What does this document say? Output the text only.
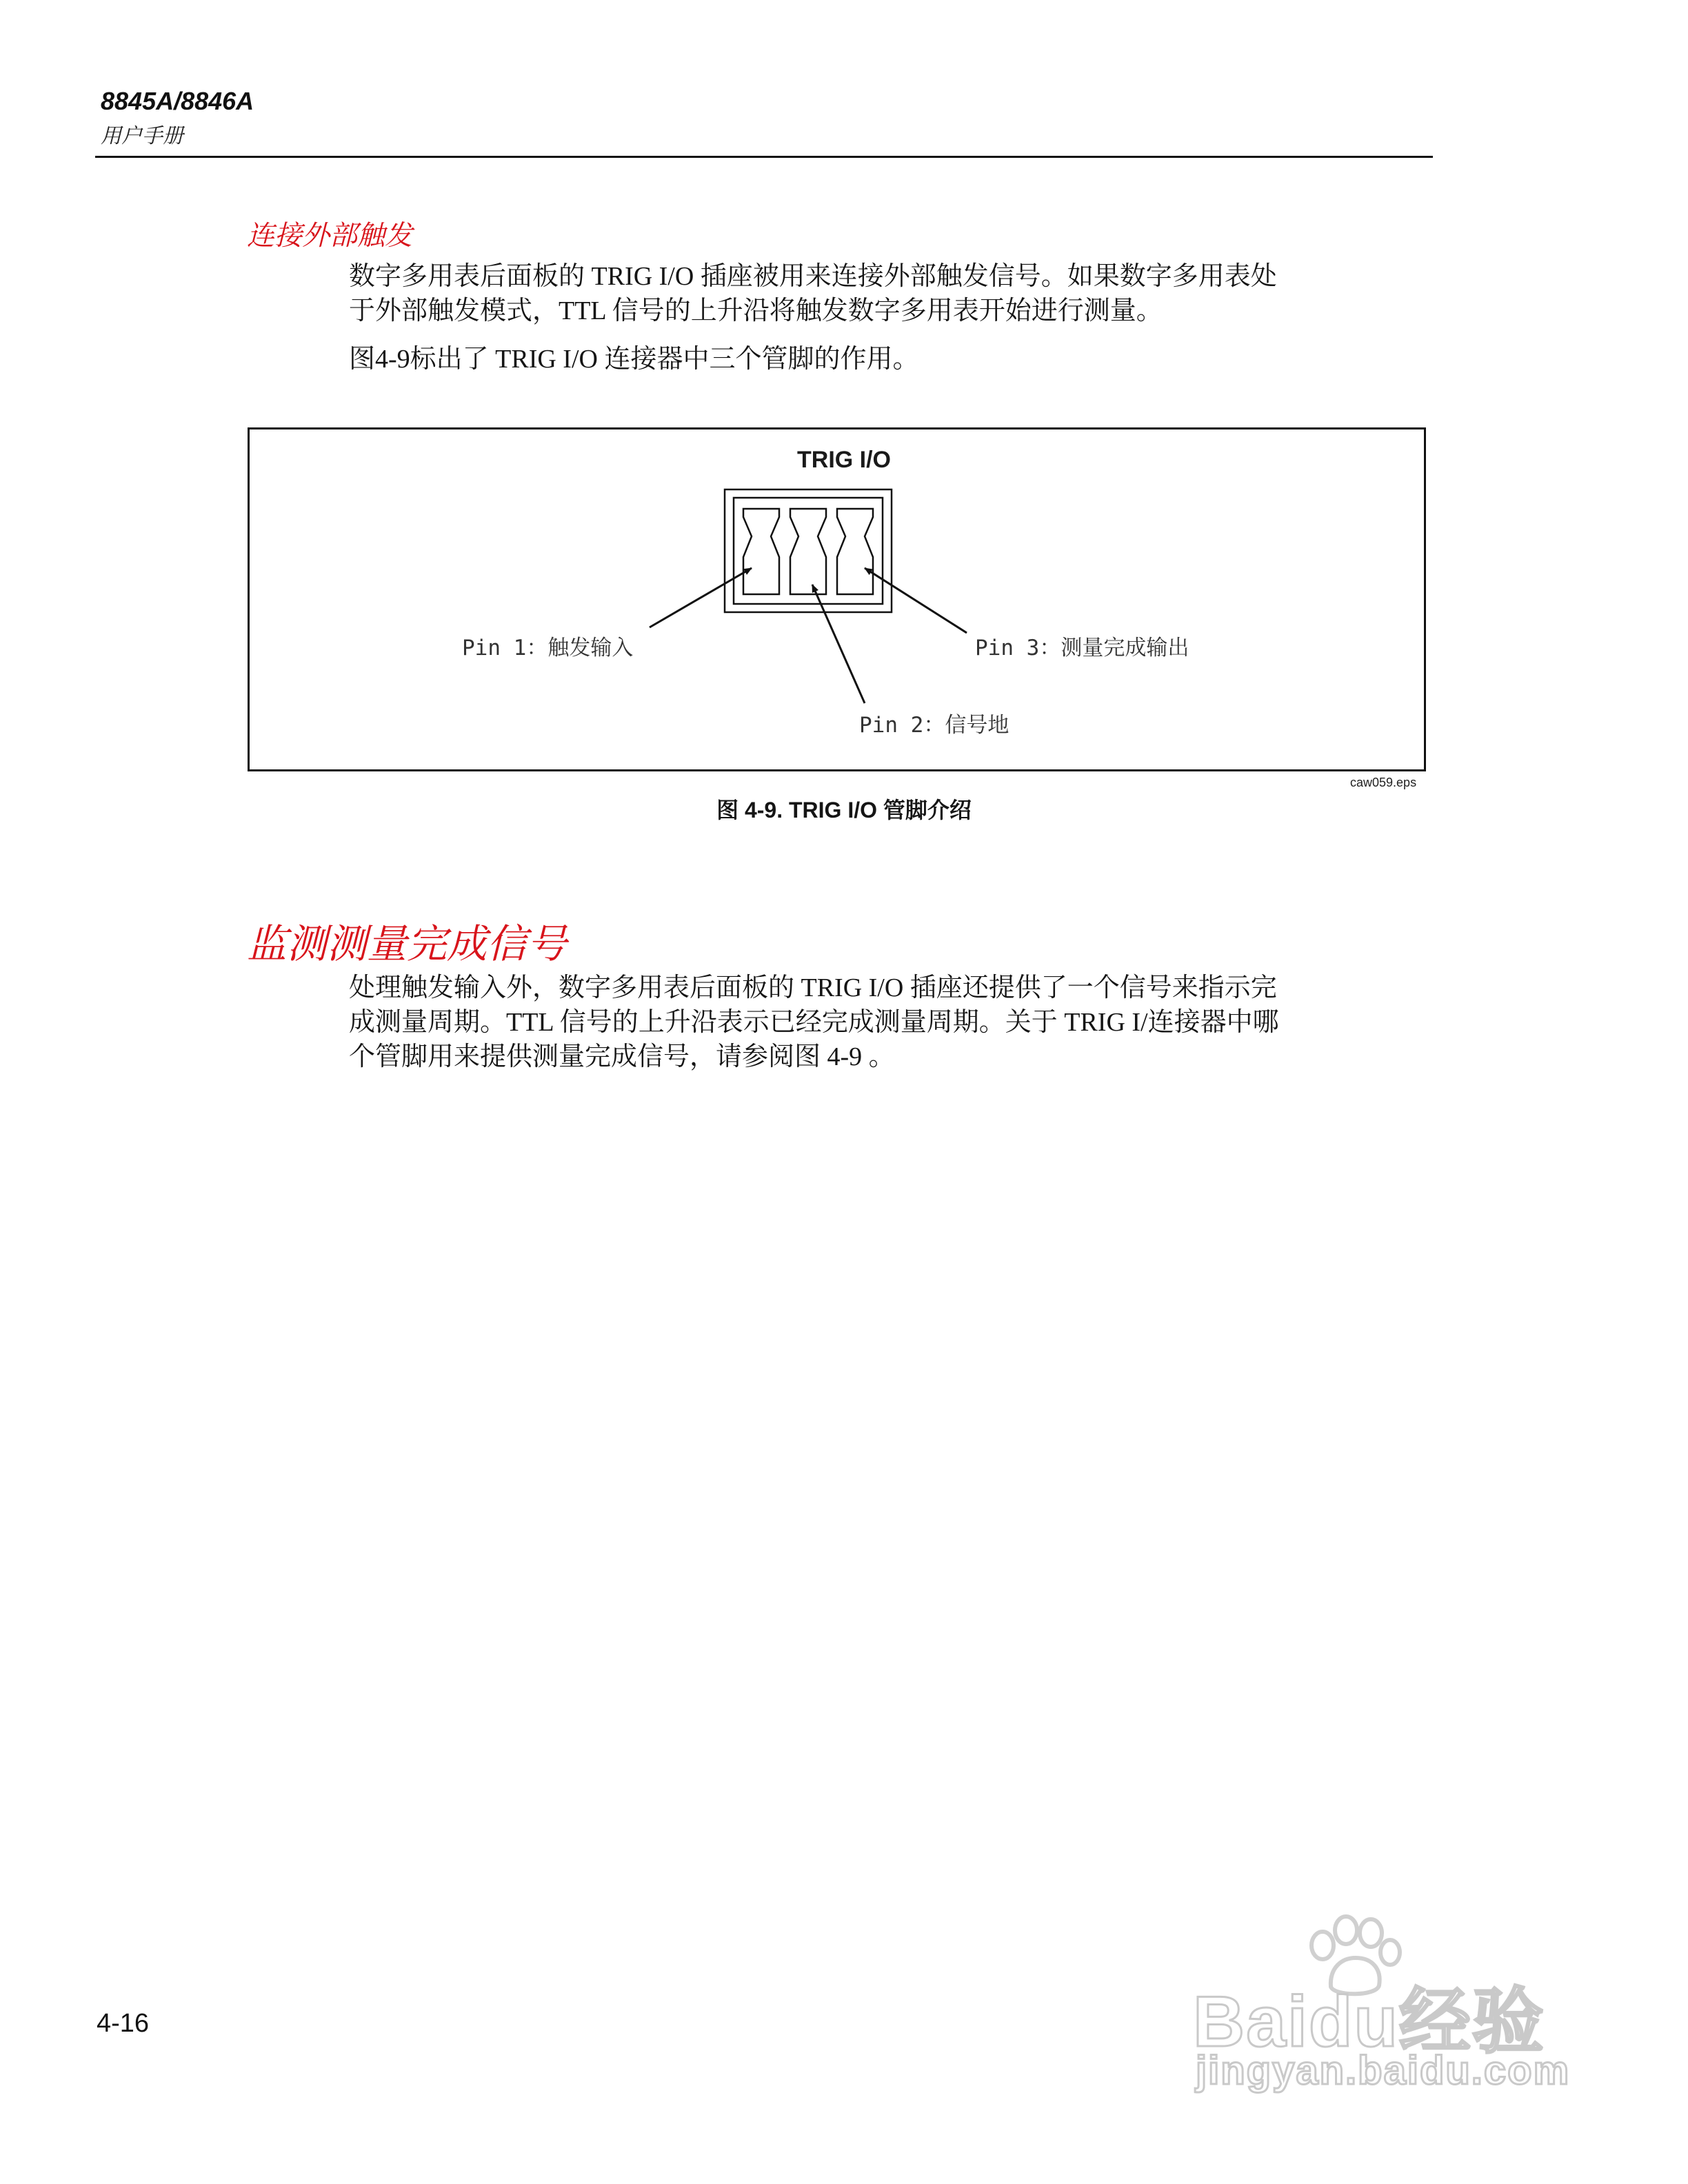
8845A/8846A
用户手册
连接外部触发

数字多用表后面板的 TRIG I/O 插座被用来连接外部触发信号。如果数字多用表处

于外部触发模式，TTL 信号的上升沿将触发数字多用表开始进行测量。

图4-9标出了 TRIG I/O 连接器中三个管脚的作用。

TRIG I/O
Pin 1：触发输入	Pin 3：测量完成输出
Pin 2：信号地
caw059.eps
图 4-9. TRIG I/O 管脚介绍
监测测量完成信号

处理触发输入外，数字多用表后面板的 TRIG I/O 插座还提供了一个信号来指示完

成测量周期。TTL 信号的上升沿表示已经完成测量周期。关于 TRIG I/连接器中哪

个管脚用来提供测量完成信号，请参阅图 4-9 。

4-16	Baidu经验
jingyan.baidu.com
